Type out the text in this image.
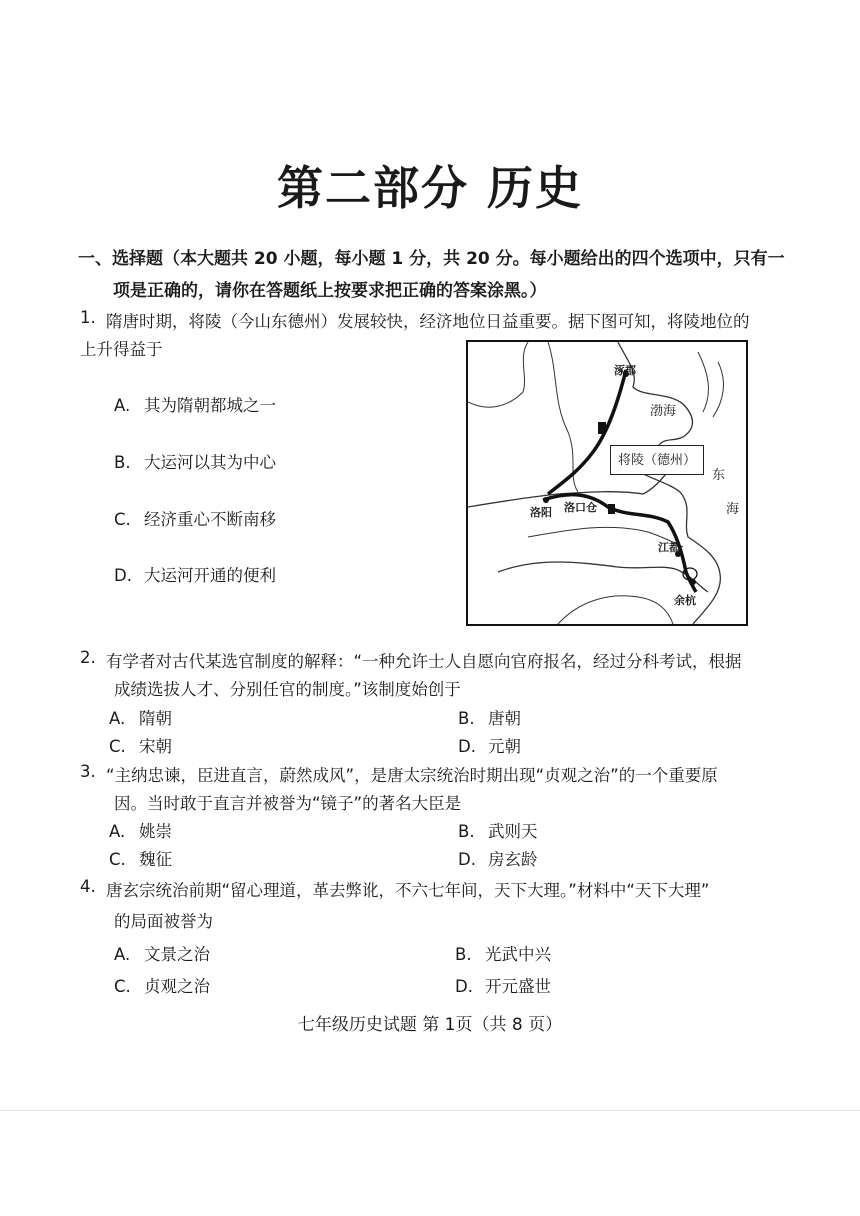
第二部分 历史
一、选择题（本大题共 20 小题，每小题 1 分，共 20 分。每小题给出的四个选项中，只有一
项是正确的，请你在答题纸上按要求把正确的答案涂黑。）
1. 隋唐时期，将陵（今山东德州）发展较快，经济地位日益重要。据下图可知，将陵地位的
上升得益于
A. 其为隋朝都城之一
B. 大运河以其为中心
C. 经济重心不断南移
D. 大运河开通的便利
涿郡
渤海
将陵（德州）
东
海
洛阳 洛口仓
江都
余杭
2. 有学者对古代某选官制度的解释：“一种允许士人自愿向官府报名，经过分科考试，根据
成绩选拔人才、分别任官的制度。”该制度始创于
A. 隋朝	B. 唐朝
C. 宋朝	D. 元朝
3. “主纳忠谏，臣进直言，蔚然成风”，是唐太宗统治时期出现“贞观之治”的一个重要原
因。当时敢于直言并被誉为“镜子”的著名大臣是
A. 姚崇	B. 武则天
C. 魏征	D. 房玄龄
4. 唐玄宗统治前期“留心理道，革去弊讹，不六七年间，天下大理。”材料中“天下大理”
的局面被誉为
A. 文景之治	B. 光武中兴
C. 贞观之治	D. 开元盛世
七年级历史试题 第 1页（共 8 页）
